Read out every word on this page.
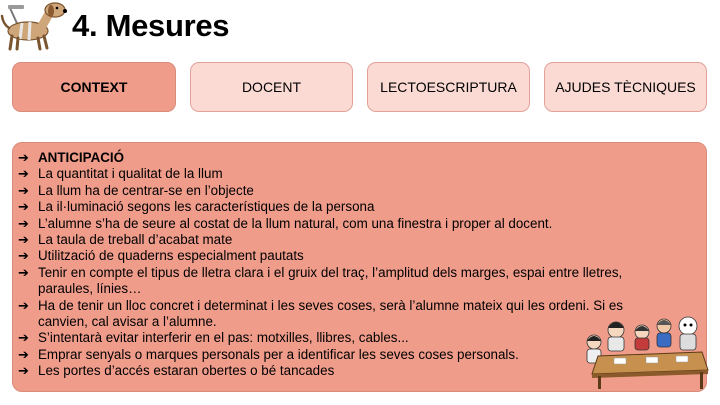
4. Mesures
CONTEXT	DOCENT	LECTOESCRIPTURA	AJUDES TÈCNIQUES
➔ ANTICIPACIÓ
➔ La quantitat i qualitat de la llum
➔ La llum ha de centrar-se en l’objecte
➔ La il·luminació segons les característiques de la persona
➔ L’alumne s’ha de seure al costat de la llum natural, com una finestra i proper al docent.
➔ La taula de treball d’acabat mate
➔ Utilització de quaderns especialment pautats
➔ Tenir en compte el tipus de lletra clara i el gruix del traç, l’amplitud dels marges, espai entre lletres, paraules, línies…
➔ Ha de tenir un lloc concret i determinat i les seves coses, serà l’alumne mateix qui les ordeni. Si es canvien, cal avisar a l’alumne.
➔ S’intentarà evitar interferir en el pas: motxilles, llibres, cables...
➔ Emprar senyals o marques personals per a identificar les seves coses personals.
➔ Les portes d’accés estaran obertes o bé tancades
